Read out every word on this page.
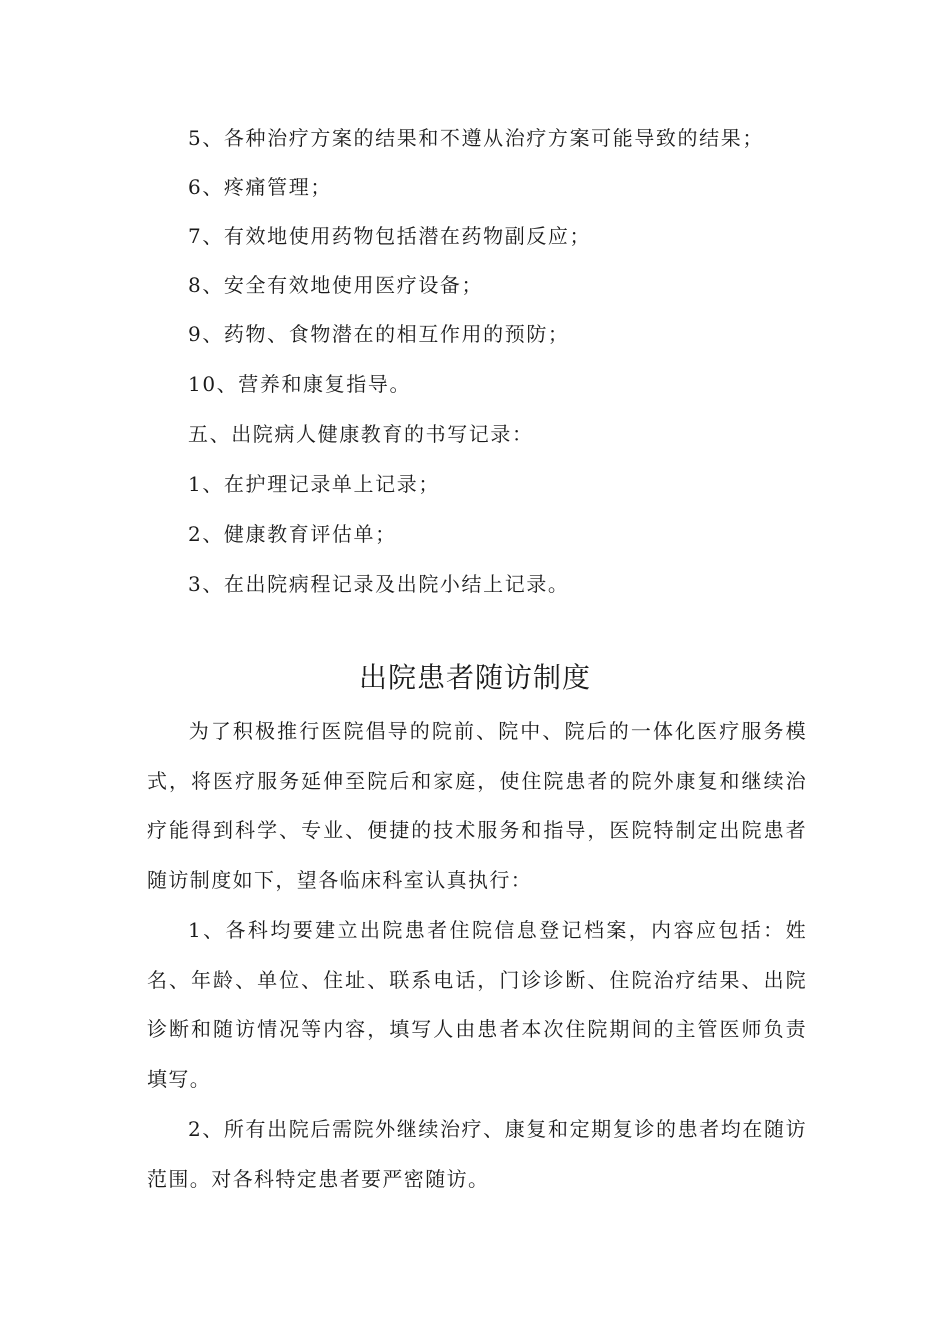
5、各种治疗方案的结果和不遵从治疗方案可能导致的结果；
6、疼痛管理；
7、有效地使用药物包括潜在药物副反应；
8、安全有效地使用医疗设备；
9、药物、食物潜在的相互作用的预防；
10、营养和康复指导。
五、出院病人健康教育的书写记录：
1、在护理记录单上记录；
2、健康教育评估单；
3、在出院病程记录及出院小结上记录。
出院患者随访制度
为了积极推行医院倡导的院前、院中、院后的一体化医疗服务模式，将医疗服务延伸至院后和家庭，使住院患者的院外康复和继续治疗能得到科学、专业、便捷的技术服务和指导，医院特制定出院患者随访制度如下，望各临床科室认真执行：
1、各科均要建立出院患者住院信息登记档案，内容应包括：姓名、年龄、单位、住址、联系电话，门诊诊断、住院治疗结果、出院诊断和随访情况等内容，填写人由患者本次住院期间的主管医师负责填写。
2、所有出院后需院外继续治疗、康复和定期复诊的患者均在随访范围。对各科特定患者要严密随访。
